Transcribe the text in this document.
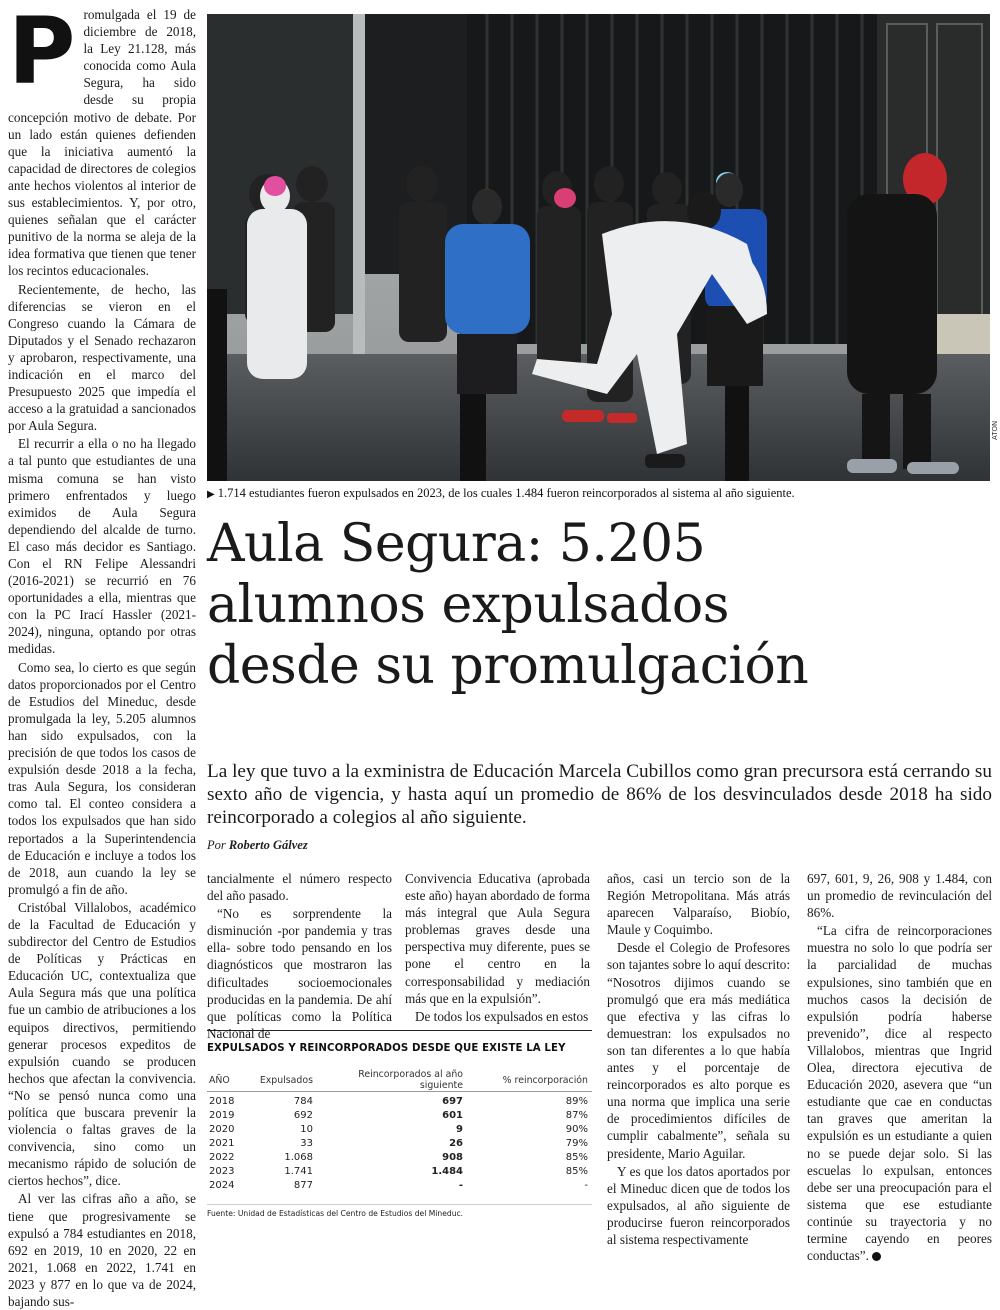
Promulgada el 19 de diciembre de 2018, la Ley 21.128, más conocida como Aula Segura, ha sido desde su propia concepción motivo de debate. Por un lado están quienes defienden que la iniciativa aumentó la capacidad de directores de colegios ante hechos violentos al interior de sus establecimientos. Y, por otro, quienes señalan que el carácter punitivo de la norma se aleja de la idea formativa que tienen que tener los recintos educacionales.

Recientemente, de hecho, las diferencias se vieron en el Congreso cuando la Cámara de Diputados y el Senado rechazaron y aprobaron, respectivamente, una indicación en el marco del Presupuesto 2025 que impedía el acceso a la gratuidad a sancionados por Aula Segura.

El recurrir a ella o no ha llegado a tal punto que estudiantes de una misma comuna se han visto primero enfrentados y luego eximidos de Aula Segura dependiendo del alcalde de turno. El caso más decidor es Santiago. Con el RN Felipe Alessandri (2016-2021) se recurrió en 76 oportunidades a ella, mientras que con la PC Irací Hassler (2021-2024), ninguna, optando por otras medidas.

Como sea, lo cierto es que según datos proporcionados por el Centro de Estudios del Mineduc, desde promulgada la ley, 5.205 alumnos han sido expulsados, con la precisión de que todos los casos de expulsión desde 2018 a la fecha, tras Aula Segura, los consideran como tal. El conteo considera a todos los expulsados que han sido reportados a la Superintendencia de Educación e incluye a todos los de 2018, aun cuando la ley se promulgó a fin de año.

Cristóbal Villalobos, académico de la Facultad de Educación y subdirector del Centro de Estudios de Políticas y Prácticas en Educación UC, contextualiza que Aula Segura más que una política fue un cambio de atribuciones a los equipos directivos, permitiendo generar procesos expeditos de expulsión cuando se producen hechos que afectan la convivencia. “No se pensó nunca como una política que buscara prevenir la violencia o faltas graves de la convivencia, sino como un mecanismo rápido de solución de ciertos hechos”, dice.

Al ver las cifras año a año, se tiene que progresivamente se expulsó a 784 estudiantes en 2018, 692 en 2019, 10 en 2020, 22 en 2021, 1.068 en 2022, 1.741 en 2023 y 877 en lo que va de 2024, bajando sus-

ATON
▶ 1.714 estudiantes fueron expulsados en 2023, de los cuales 1.484 fueron reincorporados al sistema al año siguiente.
Aula Segura: 5.205
alumnos expulsados
desde su promulgación
La ley que tuvo a la exministra de Educación Marcela Cubillos como gran precursora está cerrando su sexto año de vigencia, y hasta aquí un promedio de 86% de los desvinculados desde 2018 ha sido reincorporado a colegios al año siguiente.
Por Roberto Gálvez

tancialmente el número respecto del año pasado.

“No es sorprendente la disminución -por pandemia y tras ella- sobre todo pensando en los diagnósticos que mostraron las dificultades socioemocionales producidas en la pandemia. De ahí que políticas como la Política Nacional de

Convivencia Educativa (aprobada este año) hayan abordado de forma más integral que Aula Segura problemas graves desde una perspectiva muy diferente, pues se pone el centro en la corresponsabilidad y mediación más que en la expulsión”.

De todos los expulsados en estos

años, casi un tercio son de la Región Metropolitana. Más atrás aparecen Valparaíso, Biobío, Maule y Coquimbo.

Desde el Colegio de Profesores son tajantes sobre lo aquí descrito: “Nosotros dijimos cuando se promulgó que era más mediática que efectiva y las cifras lo demuestran: los expulsados no son tan diferentes a lo que había antes y el porcentaje de reincorporados es alto porque es una norma que implica una serie de procedimientos difíciles de cumplir cabalmente”, señala su presidente, Mario Aguilar.

Y es que los datos aportados por el Mineduc dicen que de todos los expulsados, al año siguiente de producirse fueron reincorporados al sistema respectivamente

697, 601, 9, 26, 908 y 1.484, con un promedio de revinculación del 86%.

“La cifra de reincorporaciones muestra no solo lo que podría ser la parcialidad de muchas expulsiones, sino también que en muchos casos la decisión de expulsión podría haberse prevenido”, dice al respecto Villalobos, mientras que Ingrid Olea, directora ejecutiva de Educación 2020, asevera que “un estudiante que cae en conductas tan graves que ameritan la expulsión es un estudiante a quien no se puede dejar solo. Si las escuelas lo expulsan, entonces debe ser una preocupación para el sistema que ese estudiante continúe su trayectoria y no termine cayendo en peores conductas”.

EXPULSADOS Y REINCORPORADOS DESDE QUE EXISTE LA LEY
AÑO	Expulsados	Reincorporados al año siguiente	% reincorporación
2018	784	697	89%
2019	692	601	87%
2020	10	9	90%
2021	33	26	79%
2022	1.068	908	85%
2023	1.741	1.484	85%
2024	877	-	-
Fuente: Unidad de Estadísticas del Centro de Estudios del Mineduc.
